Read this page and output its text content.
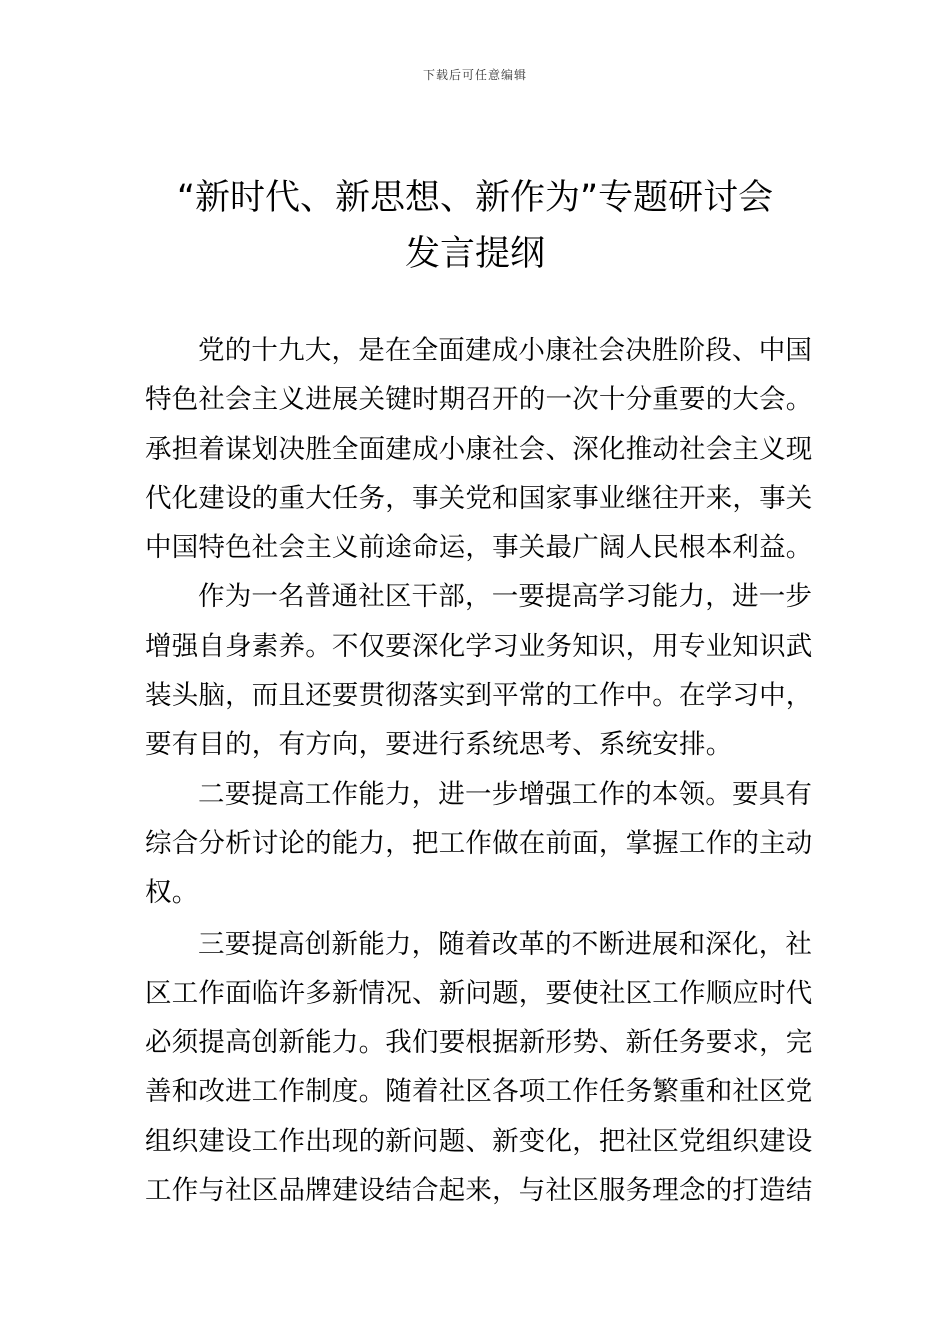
下载后可任意编辑
“新时代、新思想、新作为”专题研讨会
发言提纲
党的十九大，是在全面建成小康社会决胜阶段、中国
特色社会主义进展关键时期召开的一次十分重要的大会。
承担着谋划决胜全面建成小康社会、深化推动社会主义现
代化建设的重大任务，事关党和国家事业继往开来，事关
中国特色社会主义前途命运，事关最广阔人民根本利益。
作为一名普通社区干部，一要提高学习能力，进一步
增强自身素养。不仅要深化学习业务知识，用专业知识武
装头脑，而且还要贯彻落实到平常的工作中。在学习中，
要有目的，有方向，要进行系统思考、系统安排。
二要提高工作能力，进一步增强工作的本领。要具有
综合分析讨论的能力，把工作做在前面，掌握工作的主动
权。
三要提高创新能力，随着改革的不断进展和深化，社
区工作面临许多新情况、新问题，要使社区工作顺应时代
必须提高创新能力。我们要根据新形势、新任务要求，完
善和改进工作制度。随着社区各项工作任务繁重和社区党
组织建设工作出现的新问题、新变化，把社区党组织建设
工作与社区品牌建设结合起来，与社区服务理念的打造结
